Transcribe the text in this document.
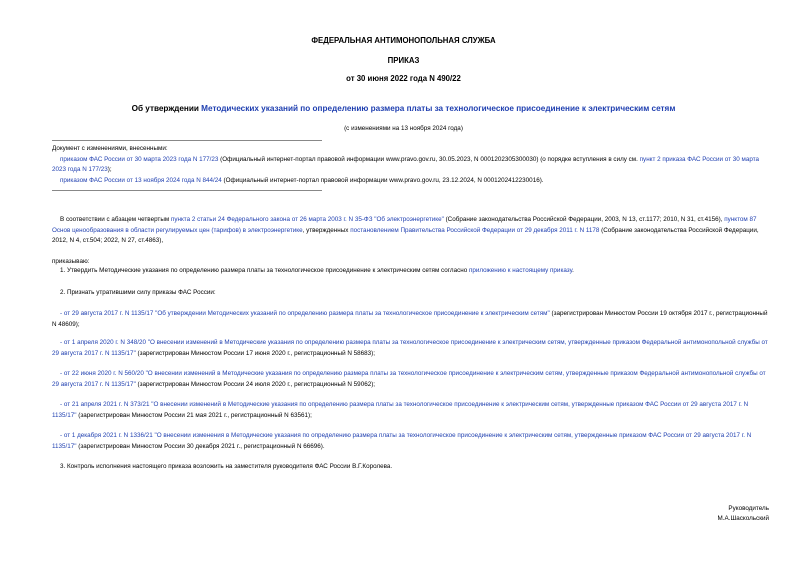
ФЕДЕРАЛЬНАЯ АНТИМОНОПОЛЬНАЯ СЛУЖБА
ПРИКАЗ
от 30 июня 2022 года N 490/22
Об утверждении Методических указаний по определению размера платы за технологическое присоединение к электрическим сетям
(с изменениями на 13 ноября 2024 года)
Документ с изменениями, внесенными:
приказом ФАС России от 30 марта 2023 года N 177/23 (Официальный интернет-портал правовой информации www.pravo.gov.ru, 30.05.2023, N 0001202305300030) (о порядке вступления в силу см. пункт 2 приказа ФАС России от 30 марта 2023 года N 177/23);
приказом ФАС России от 13 ноября 2024 года N 844/24 (Официальный интернет-портал правовой информации www.pravo.gov.ru, 23.12.2024, N 0001202412230016).
В соответствии с абзацем четвертым пункта 2 статьи 24 Федерального закона от 26 марта 2003 г. N 35-ФЗ "Об электроэнергетике" (Собрание законодательства Российской Федерации, 2003, N 13, ст.1177; 2010, N 31, ст.4156), пунктом 87 Основ ценообразования в области регулируемых цен (тарифов) в электроэнергетике, утвержденных постановлением Правительства Российской Федерации от 29 декабря 2011 г. N 1178 (Собрание законодательства Российской Федерации, 2012, N 4, ст.504; 2022, N 27, ст.4863),
приказываю:
1. Утвердить Методические указания по определению размера платы за технологическое присоединение к электрическим сетям согласно приложению к настоящему приказу.
2. Признать утратившими силу приказы ФАС России:
- от 29 августа 2017 г. N 1135/17 "Об утверждении Методических указаний по определению размера платы за технологическое присоединение к электрическим сетям" (зарегистрирован Минюстом России 19 октября 2017 г., регистрационный N 48609);
- от 1 апреля 2020 г. N 348/20 "О внесении изменений в Методические указания по определению размера платы за технологическое присоединение к электрическим сетям, утвержденные приказом Федеральной антимонопольной службы от 29 августа 2017 г. N 1135/17" (зарегистрирован Минюстом России 17 июня 2020 г., регистрационный N 58683);
- от 22 июня 2020 г. N 560/20 "О внесении изменений в Методические указания по определению размера платы за технологическое присоединение к электрическим сетям, утвержденные приказом Федеральной антимонопольной службы от 29 августа 2017 г. N 1135/17" (зарегистрирован Минюстом России 24 июля 2020 г., регистрационный N 59062);
- от 21 апреля 2021 г. N 373/21 "О внесении изменений в Методические указания по определению размера платы за технологическое присоединение к электрическим сетям, утвержденные приказом ФАС России от 29 августа 2017 г. N 1135/17" (зарегистрирован Минюстом России 21 мая 2021 г., регистрационный N 63561);
- от 1 декабря 2021 г. N 1336/21 "О внесении изменения в Методические указания по определению размера платы за технологическое присоединение к электрическим сетям, утвержденные приказом ФАС России от 29 августа 2017 г. N 1135/17" (зарегистрирован Минюстом России 30 декабря 2021 г., регистрационный N 66696).
3. Контроль исполнения настоящего приказа возложить на заместителя руководителя ФАС России В.Г.Королева.
Руководитель
М.А.Шаскольский
